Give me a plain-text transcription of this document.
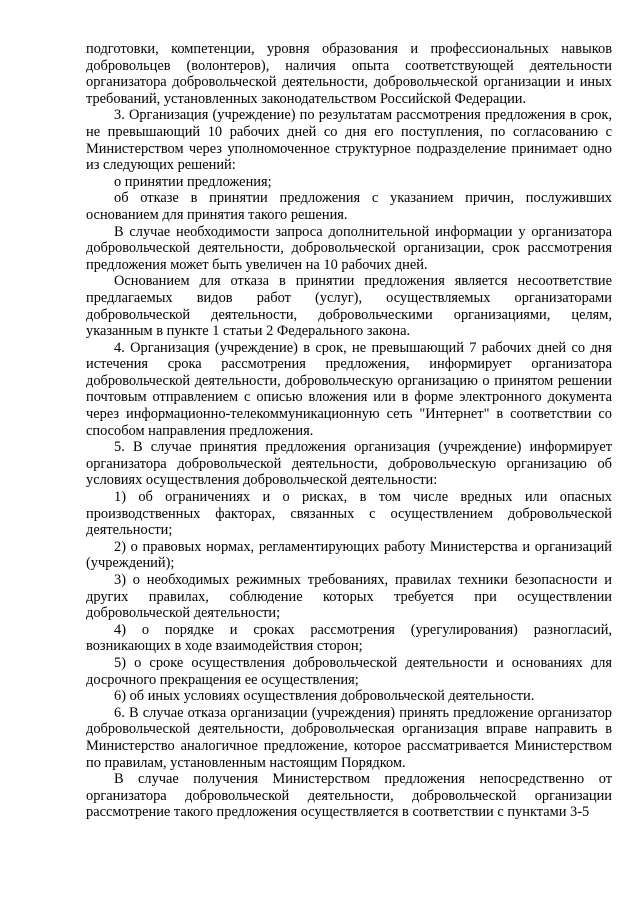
подготовки, компетенции, уровня образования и профессиональных навыков добровольцев (волонтеров), наличия опыта соответствующей деятельности организатора добровольческой деятельности, добровольческой организации и иных требований, установленных законодательством Российской Федерации.

3. Организация (учреждение) по результатам рассмотрения предложения в срок, не превышающий 10 рабочих дней со дня его поступления, по согласованию с Министерством через уполномоченное структурное подразделение принимает одно из следующих решений:

о принятии предложения;

об отказе в принятии предложения с указанием причин, послуживших основанием для принятия такого решения.

В случае необходимости запроса дополнительной информации у организатора добровольческой деятельности, добровольческой организации, срок рассмотрения предложения может быть увеличен на 10 рабочих дней.

Основанием для отказа в принятии предложения является несоответствие предлагаемых видов работ (услуг), осуществляемых организаторами добровольческой деятельности, добровольческими организациями, целям, указанным в пункте 1 статьи 2 Федерального закона.

4. Организация (учреждение) в срок, не превышающий 7 рабочих дней со дня истечения срока рассмотрения предложения, информирует организатора добровольческой деятельности, добровольческую организацию о принятом решении почтовым отправлением с описью вложения или в форме электронного документа через информационно-телекоммуникационную сеть "Интернет" в соответствии со способом направления предложения.

5. В случае принятия предложения организация (учреждение) информирует организатора добровольческой деятельности, добровольческую организацию об условиях осуществления добровольческой деятельности:

1) об ограничениях и о рисках, в том числе вредных или опасных производственных факторах, связанных с осуществлением добровольческой деятельности;

2) о правовых нормах, регламентирующих работу Министерства и организаций (учреждений);

3) о необходимых режимных требованиях, правилах техники безопасности и других правилах, соблюдение которых требуется при осуществлении добровольческой деятельности;

4) о порядке и сроках рассмотрения (урегулирования) разногласий, возникающих в ходе взаимодействия сторон;

5) о сроке осуществления добровольческой деятельности и основаниях для досрочного прекращения ее осуществления;

6) об иных условиях осуществления добровольческой деятельности.

6. В случае отказа организации (учреждения) принять предложение организатор добровольческой деятельности, добровольческая организация вправе направить в Министерство аналогичное предложение, которое рассматривается Министерством по правилам, установленным настоящим Порядком.

В случае получения Министерством предложения непосредственно от организатора добровольческой деятельности, добровольческой организации рассмотрение такого предложения осуществляется в соответствии с пунктами 3-5
